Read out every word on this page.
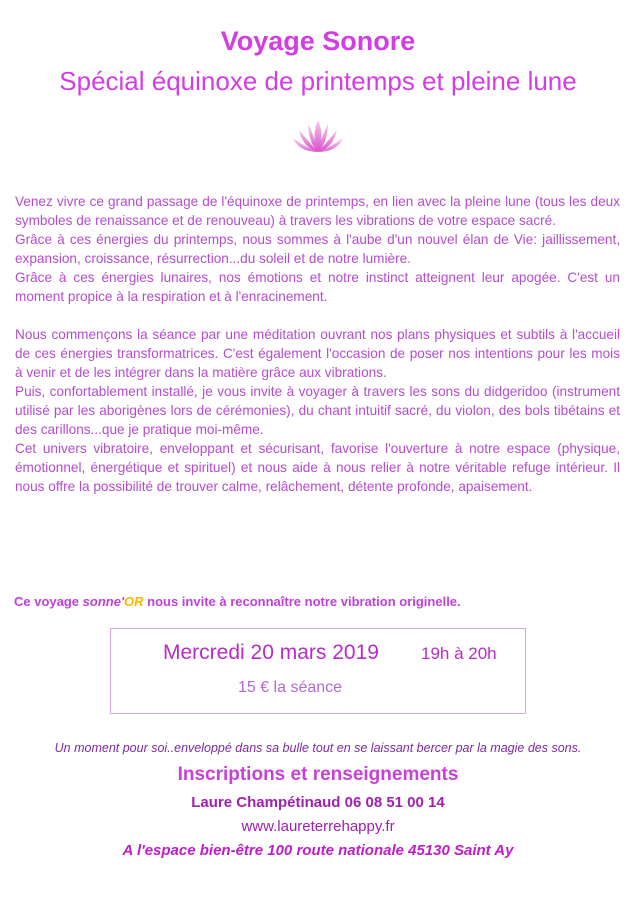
Voyage Sonore
Spécial équinoxe de printemps et pleine lune

Venez vivre ce grand passage de l'équinoxe de printemps, en lien avec la pleine lune (tous les deux symboles de renaissance et de renouveau) à travers les vibrations de votre espace sacré.

Grâce à ces énergies du printemps, nous sommes à l'aube d'un nouvel élan de Vie: jaillissement, expansion, croissance, résurrection...du soleil et de notre lumière.

Grâce à ces énergies lunaires, nos émotions et notre instinct atteignent leur apogée. C'est un moment propice à la respiration et à l'enracinement.

Nous commençons la séance par une méditation ouvrant nos plans physiques et subtils à l'accueil de ces énergies transformatrices. C'est également l'occasion de poser nos intentions pour les mois à venir et de les intégrer dans la matière grâce aux vibrations.

Puis, confortablement installé, je vous invite à voyager à travers les sons du didgeridoo (instrument utilisé par les aborigènes lors de cérémonies), du chant intuitif sacré, du violon, des bols tibétains et des carillons...que je pratique moi-même.

Cet univers vibratoire, enveloppant et sécurisant, favorise l'ouverture à notre espace (physique, émotionnel, énergétique et spirituel) et nous aide à nous relier à notre véritable refuge intérieur. Il nous offre la possibilité de trouver calme, relâchement, détente profonde, apaisement.

Ce voyage sonne'OR nous invite à reconnaître notre vibration originelle.
Mercredi 20 mars 2019 19h à 20h
15 € la séance
Un moment pour soi..enveloppé dans sa bulle tout en se laissant bercer par la magie des sons.
Inscriptions et renseignements
Laure Champétinaud 06 08 51 00 14
www.laureterrehappy.fr
A l'espace bien-être 100 route nationale 45130 Saint Ay
